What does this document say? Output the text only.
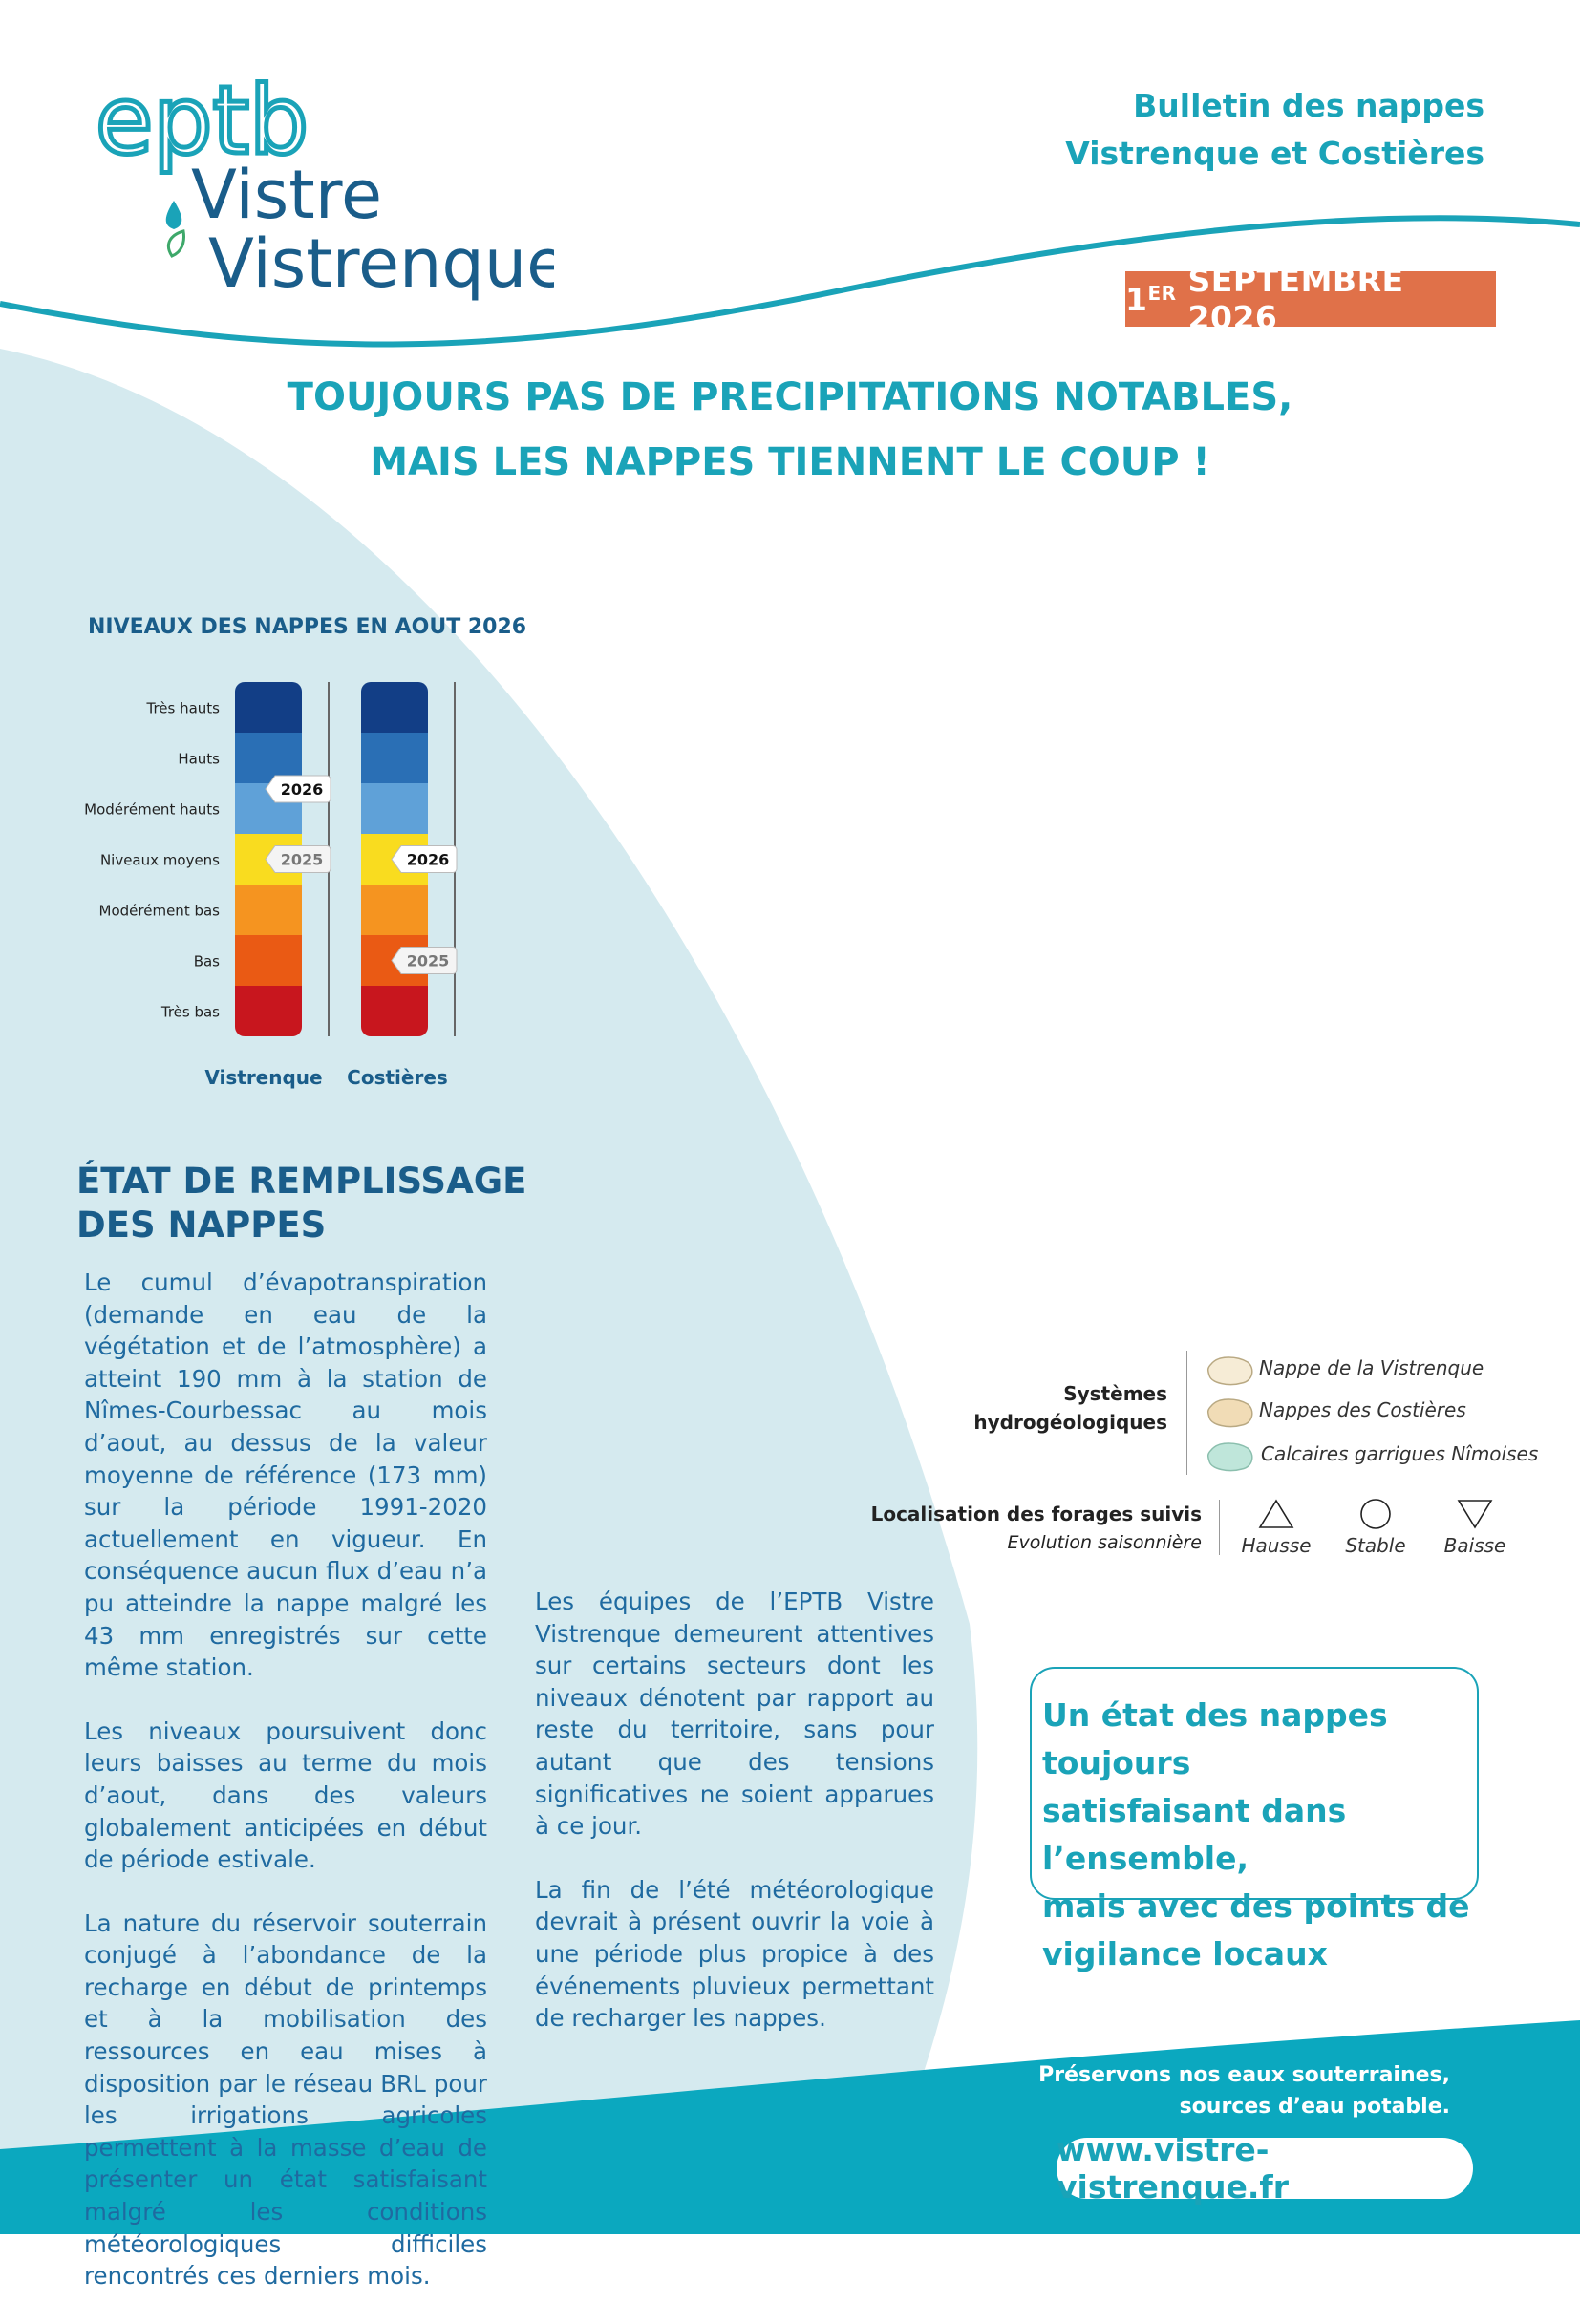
eptb
Vistre
Vistrenque
Bulletin des nappes
Vistrenque et Costières
1ER SEPTEMBRE 2026
TOUJOURS PAS DE PRECIPITATIONS NOTABLES,
MAIS LES NAPPES TIENNENT LE COUP !
NIVEAUX DES NAPPES EN AOUT 2026
Très hauts
Hauts
Modérément hauts
Niveaux moyens
Modérément bas
Bas
Très bas
Vistrenque
2026
2025
Costières
2026
2025
ÉTAT DE REMPLISSAGE
DES NAPPES

Le cumul d’évapotranspiration (demande en eau de la végétation et de l’atmosphère) a atteint 190 mm à la station de Nîmes-Courbessac au mois d’aout, au dessus de la valeur moyenne de référence (173 mm) sur la période 1991-2020 actuellement en vigueur. En conséquence aucun flux d’eau n’a pu atteindre la nappe malgré les 43 mm enregistrés sur cette même station.

Les niveaux poursuivent donc leurs baisses au terme du mois d’aout, dans des valeurs globalement anticipées en début de période estivale.

La nature du réservoir souterrain conjugé à l’abondance de la recharge en début de printemps et à la mobilisation des ressources en eau mises à disposition par le réseau BRL pour les irrigations agricoles permettent à la masse d’eau de présenter un état satisfaisant malgré les conditions météorologiques difficiles rencontrés ces derniers mois.

Les équipes de l’EPTB Vistre Vistrenque demeurent attentives sur certains secteurs dont les niveaux dénotent par rapport au reste du territoire, sans pour autant que des tensions significatives ne soient apparues à ce jour.

La fin de l’été météorologique devrait à présent ouvrir la voie à une période plus propice à des événements pluvieux permettant de recharger les nappes.

Systèmes
hydrogéologiques
Nappe de la Vistrenque
Nappes des Costières
Calcaires garrigues Nîmoises
Localisation des forages suivis
Evolution saisonnière Hausse	Stable	Baisse
Un état des nappes toujours
satisfaisant dans l’ensemble,
mais avec des points de
vigilance locaux
Préservons nos eaux souterraines,
sources d’eau potable.
www.vistre-vistrenque.fr
